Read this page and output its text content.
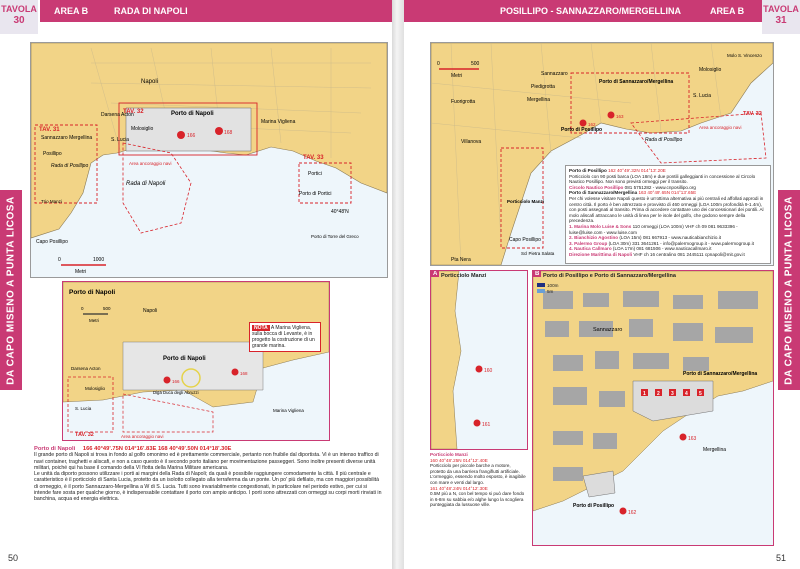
TAVOLA
30
AREA B	RADA DI NAPOLI
DA CAPO MISENO A PUNTA LICOSA
Napoli
Porto di Napoli
Darsena Acton
Molosiglio
S. Lucia
Sannazzaro Mergellina
Posillipo
Rada di Posillipo
Rada di Napoli
Marina Vigliena
Portici
Porto di Portici
Capo Posillipo
Trio Manzi
Porto di Torre del Greco
Area ancoraggio navi
TAV. 31
TAV. 32
TAV. 33
40°48'N
166	168
0	1000
Metri
Porto di Napoli
Napoli
Porto di Napoli
Darsena Acton
Molosiglio
S. Lucia	Marina Vigliena
Diga Duca degli Abruzzi
Area ancoraggio navi
TAV. 32
166
168
0	500
Metri
NOTA A Marina Vigliena, sulla bocca di Levante, è in progetto la costruzione di un grande marina.
Porto di Napoli 166 40°49'.75N 014°16'.83E 168 40°49'.50N 014°18'.30E
Il grande porto di Napoli si trova in fondo al golfo omonimo ed è prettamente commerciale, pertanto non fruibile dal diportista. Vi è un intenso traffico di navi container, traghetti e aliscafi, e non a caso questo è il secondo porto italiano per movimentazione passeggeri. Sono inoltre presenti diverse unità militari, poiché qui ha base il comando della VI flotta della Marina Militare americana.
Le unità da diporto possono utilizzare i porti ai margini della Rada di Napoli; da quali è possibile raggiungere comodamente la città. Il più centrale e caratteristico è il porticciolo di Santa Lucia, protetto da un isolotto collegato alla terraferma da un ponte. Un po' più defilato, ma con maggiori possibilità di ormeggio, è il porto Sannazzaro-Mergellina a W di S. Lucia. Tutti sono invariabilmente congestionati, in particolare nel periodo estivo, per cui si intende fare sosta per qualche giorno, è indispensabile contattare il porto con ampio anticipo. I porti sono attrezzati con ormeggi su corpi morti rinviati in banchina, acqua ed energia elettrica.
50
POSILLIPO - SANNAZZARO/MERGELLINA	AREA B TAVOLA
31
DA CAPO MISENO A PUNTA LICOSA
0	500
Metri	Sannazzaro
Piedigrotta
Mergellina
Fuorigrotta
Villanova
Porto di Sannazzaro/Mergellina
Porto di Posillipo
Molosiglio
S. Lucia
Rada di Posillipo
Porticciolo Manzi
Capo Posillipo
Pta Nera
Scl Pietra Salata
Area ancoraggio navi
TAV. 32
Molo S. Vincenzo
162
163
Porto di Posillipo 162 40°49'.32N 014°13'.20E
Porticciolo con 90 posti barca (LOA 18m) e due pontili galleggianti in concessione al Circolo Nautico Posillipo. Non sono previsti ormeggi per il transito.
Circolo Nautico Posillipo 081 5751282 - www.cnposillipo.org
Porto di Sannazzaro/Mergellina 163 40°49'.65N 014°13'.65E
Per chi volesse visitare Napoli questo è un'ottima alternativa ai più centrali ed affollati approdi in centro città. Il porto è ben attrezzato e provvisto di 460 ormeggi (LOA 100m profondità 9-1.4m), con posti assegnati al transito. Prima di accedere contattare uno dei concessionari dei pontili. Al molo aliscafi attraccano le unità di linea per le isole del golfo, che godono sempre della precedenza.
1. Marina Molo Luise & Sons 110 ormeggi (LOA 100m) VHF ch 09 081 9633396 - luise@luise.com - www.luise.com
2. Bianchizio Agostino (LOA 15m) 081 667913 - www.nauticabianchizio.it
3. Palermo Group (LOA 30m) 331 3641261 - info@palermogroup.it - www.palermogroup.it
4. Nautica Callmaro (LOA 17m) 081 681506 - www.nauticacallmaro.it
Direzione Marittima di Napoli VHF ch 16 centralino 081 2445111 cpnapoli@mit.gov.it
160
161
A Porticciolo Manzi
Porticciolo Manzi
160 40°48'.25N 014°12'.40E
Porticciolo per piccole barche a motore, protetto da una barriera frangiflutti artificiale. L'ormeggio, essendo molto esposto, è inagibile con mare e venti dal largo.
161 40°48'.24N 014°12'.30E
0.5M più a N, con bel tempo si può dare fondo in 6-8m su sabbia e/o alghe lungo la scogliera punteggiata da lussuose ville.
163
162
Sannazzaro
Porto di Sannazzaro/Mergellina
Mergellina
Porto di Posillipo
1 2 3 4 5
B Porto di Posillipo e Porto di Sannazzaro/Mergellina
100m
5m
51
